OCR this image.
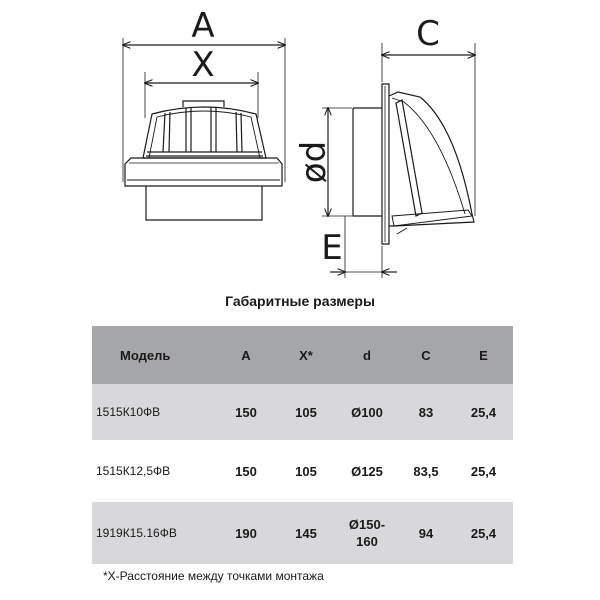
A
X
C
ød
E
Габаритные размеры
Модель	A	X*	d	C	E
1515К10ФВ	150	105	Ø100	83	25,4
1515К12,5ФВ	150	105	Ø125	83,5	25,4
1919К15.16ФВ	190	145	Ø150-
160	94	25,4
*Х-Расстояние между точками монтажа
